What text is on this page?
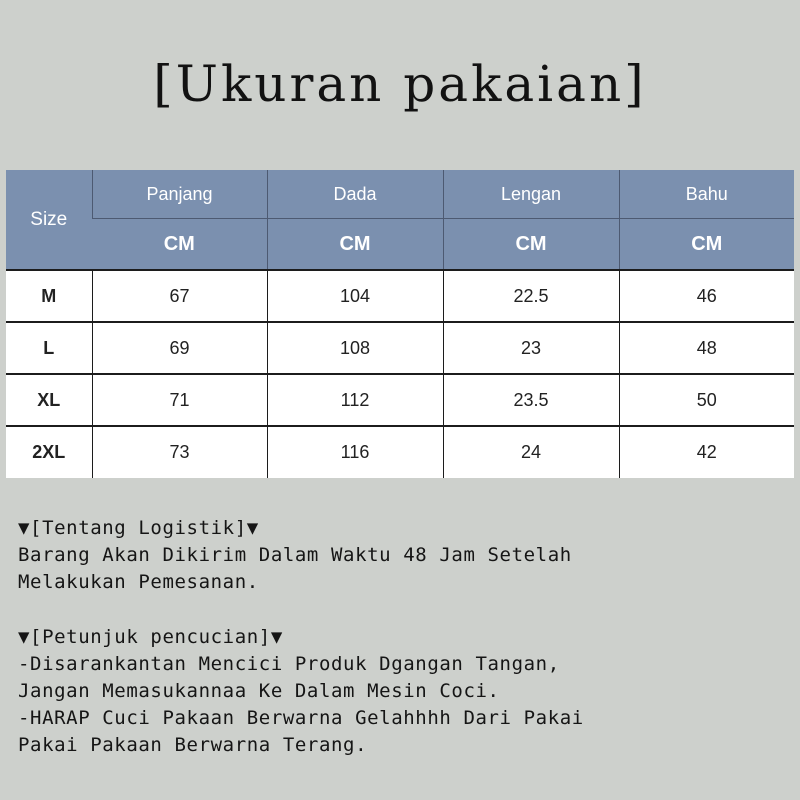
[Ukuran pakaian]
Size	Panjang	Dada	Lengan	Bahu
	CM	CM	CM	CM
M	67	104	22.5	46
L	69	108	23	48
XL	71	112	23.5	50
2XL	73	116	24	42
▼[Tentang Logistik]▼
Barang Akan Dikirim Dalam Waktu 48 Jam Setelah
Melakukan Pemesanan.
▼[Petunjuk pencucian]▼
-Disarankantan Mencici Produk Dgangan Tangan,
Jangan Memasukannaa Ke Dalam Mesin Coci.
-HARAP Cuci Pakaan Berwarna Gelahhhh Dari Pakai
Pakai Pakaan Berwarna Terang.
